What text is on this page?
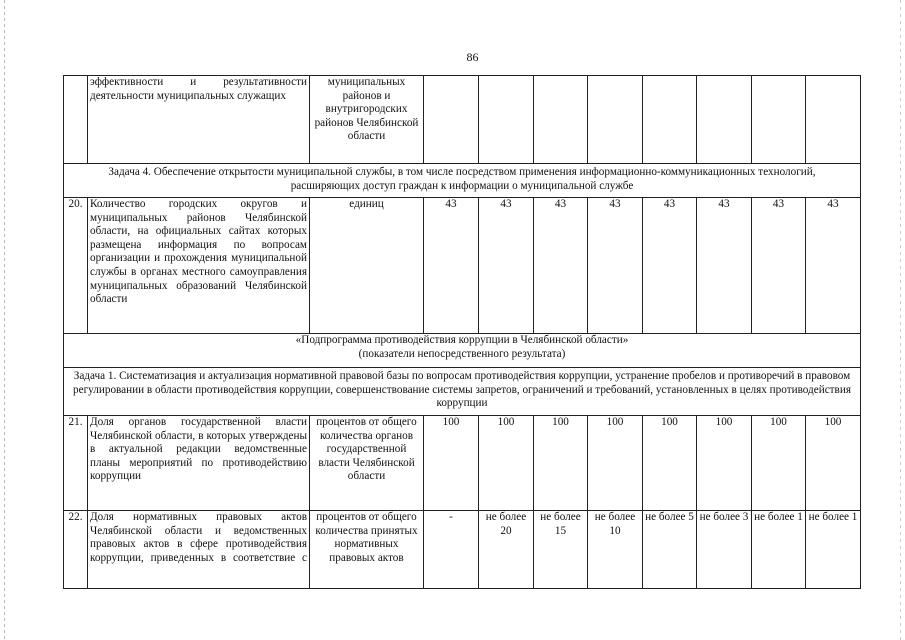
86
	эффективности и результативности деятельности муниципальных служащих	муниципальных районов и внутригородских районов Челябинской области								
Задача 4. Обеспечение открытости муниципальной службы, в том числе посредством применения информационно-коммуникационных технологий, расширяющих доступ граждан к информации о муниципальной службе										
20.	Количество городских округов и муниципальных районов Челябинской области, на официальных сайтах которых размещена информация по вопросам организации и прохождения муниципальной службы в органах местного самоуправления муниципальных образований Челябинской области	единиц	43	43	43	43	43	43	43	43

«Подпрограмма противодействия коррупции в Челябинской области»
(показатели непосредственного результата)										

Задача 1. Систематизация и актуализация нормативной правовой базы по вопросам противодействия коррупции, устранение пробелов и противоречий в правовом регулировании в области противодействия коррупции, совершенствование системы запретов, ограничений и требований, установленных в целях противодействия коррупции										
21.	Доля органов государственной власти Челябинской области, в которых утверждены в актуальной редакции ведомственные планы мероприятий по противодействию коррупции	процентов от общего количества органов государственной власти Челябинской области	100	100	100	100	100	100	100	100
22.	Доля нормативных правовых актов Челябинской области и ведомственных правовых актов в сфере противодействия коррупции, приведенных в соответствие с	процентов от общего количества принятых нормативных правовых актов	-	не более 20	не более 15	не более 10	не более 5	не более 3	не более 1	не более 1
